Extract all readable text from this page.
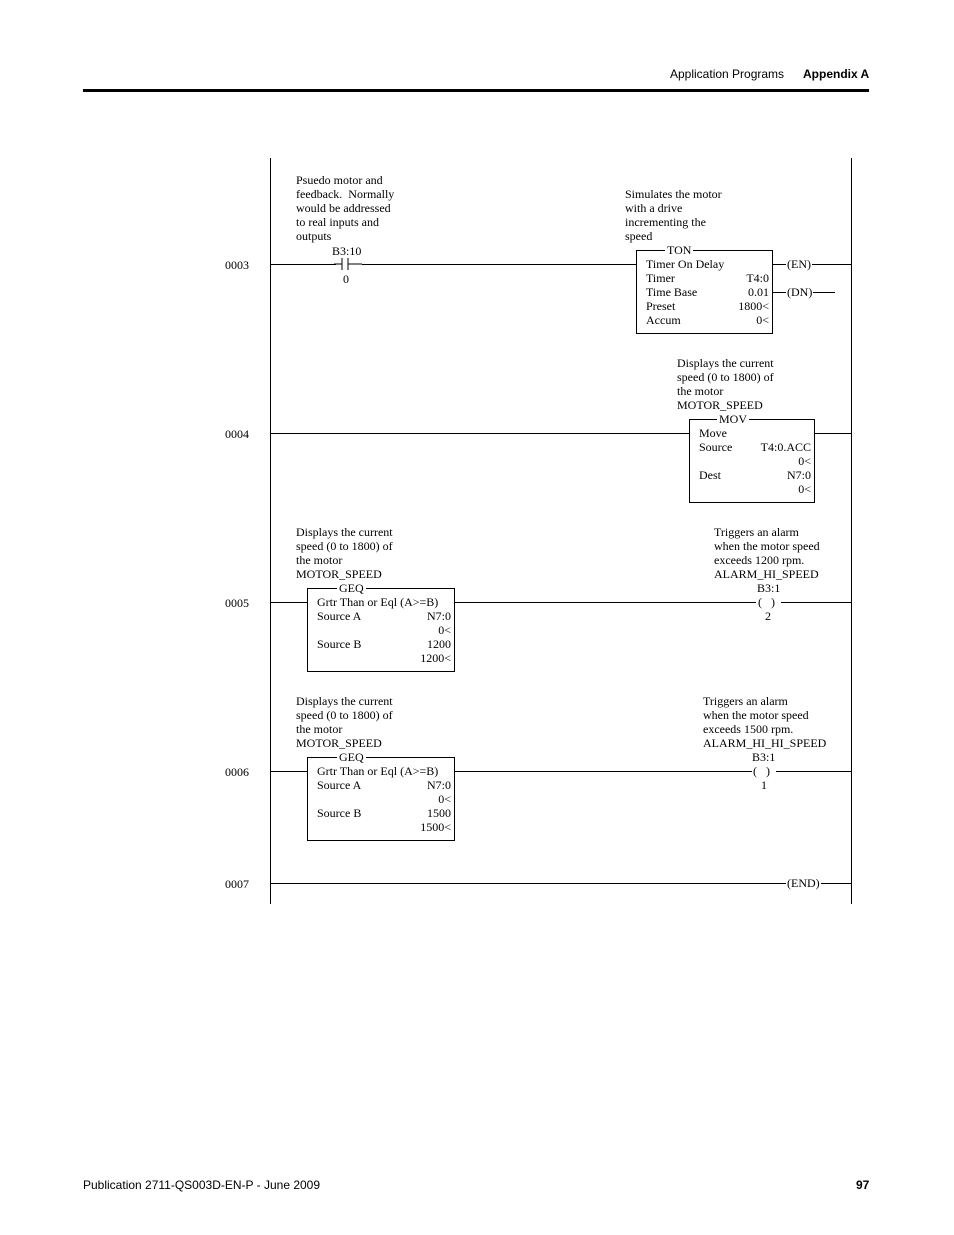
Application Programs Appendix A
0003
Psuedo motor and
feedback.  Normally
would be addressed
to real inputs and
outputs
B3:10
0
Simulates the motor
with a drive
incrementing the
speed
TON
Timer On Delay
Timer	T4:0
Time Base	0.01
Preset	1800<
Accum	0<
(EN)
(DN)
0004
Displays the current
speed (0 to 1800) of
the motor
MOTOR_SPEED
MOV
Move
Source T4:0.ACC
0<
Dest	N7:0
0<
0005
Displays the current
speed (0 to 1800) of
the motor
MOTOR_SPEED
GEQ
Grtr Than or Eql (A>=B)
Source A	N7:0
0<
Source B	1200
1200<
Triggers an alarm
when the motor speed
exceeds 1200 rpm.
ALARM_HI_SPEED
B3:1
(   )
2
0006
Displays the current
speed (0 to 1800) of
the motor
MOTOR_SPEED
GEQ
Grtr Than or Eql (A>=B)
Source A	N7:0
0<
Source B	1500
1500<
Triggers an alarm
when the motor speed
exceeds 1500 rpm.
ALARM_HI_HI_SPEED
B3:1
(   )
1
0007	(END)
Publication 2711-QS003D-EN-P - June 2009	97
